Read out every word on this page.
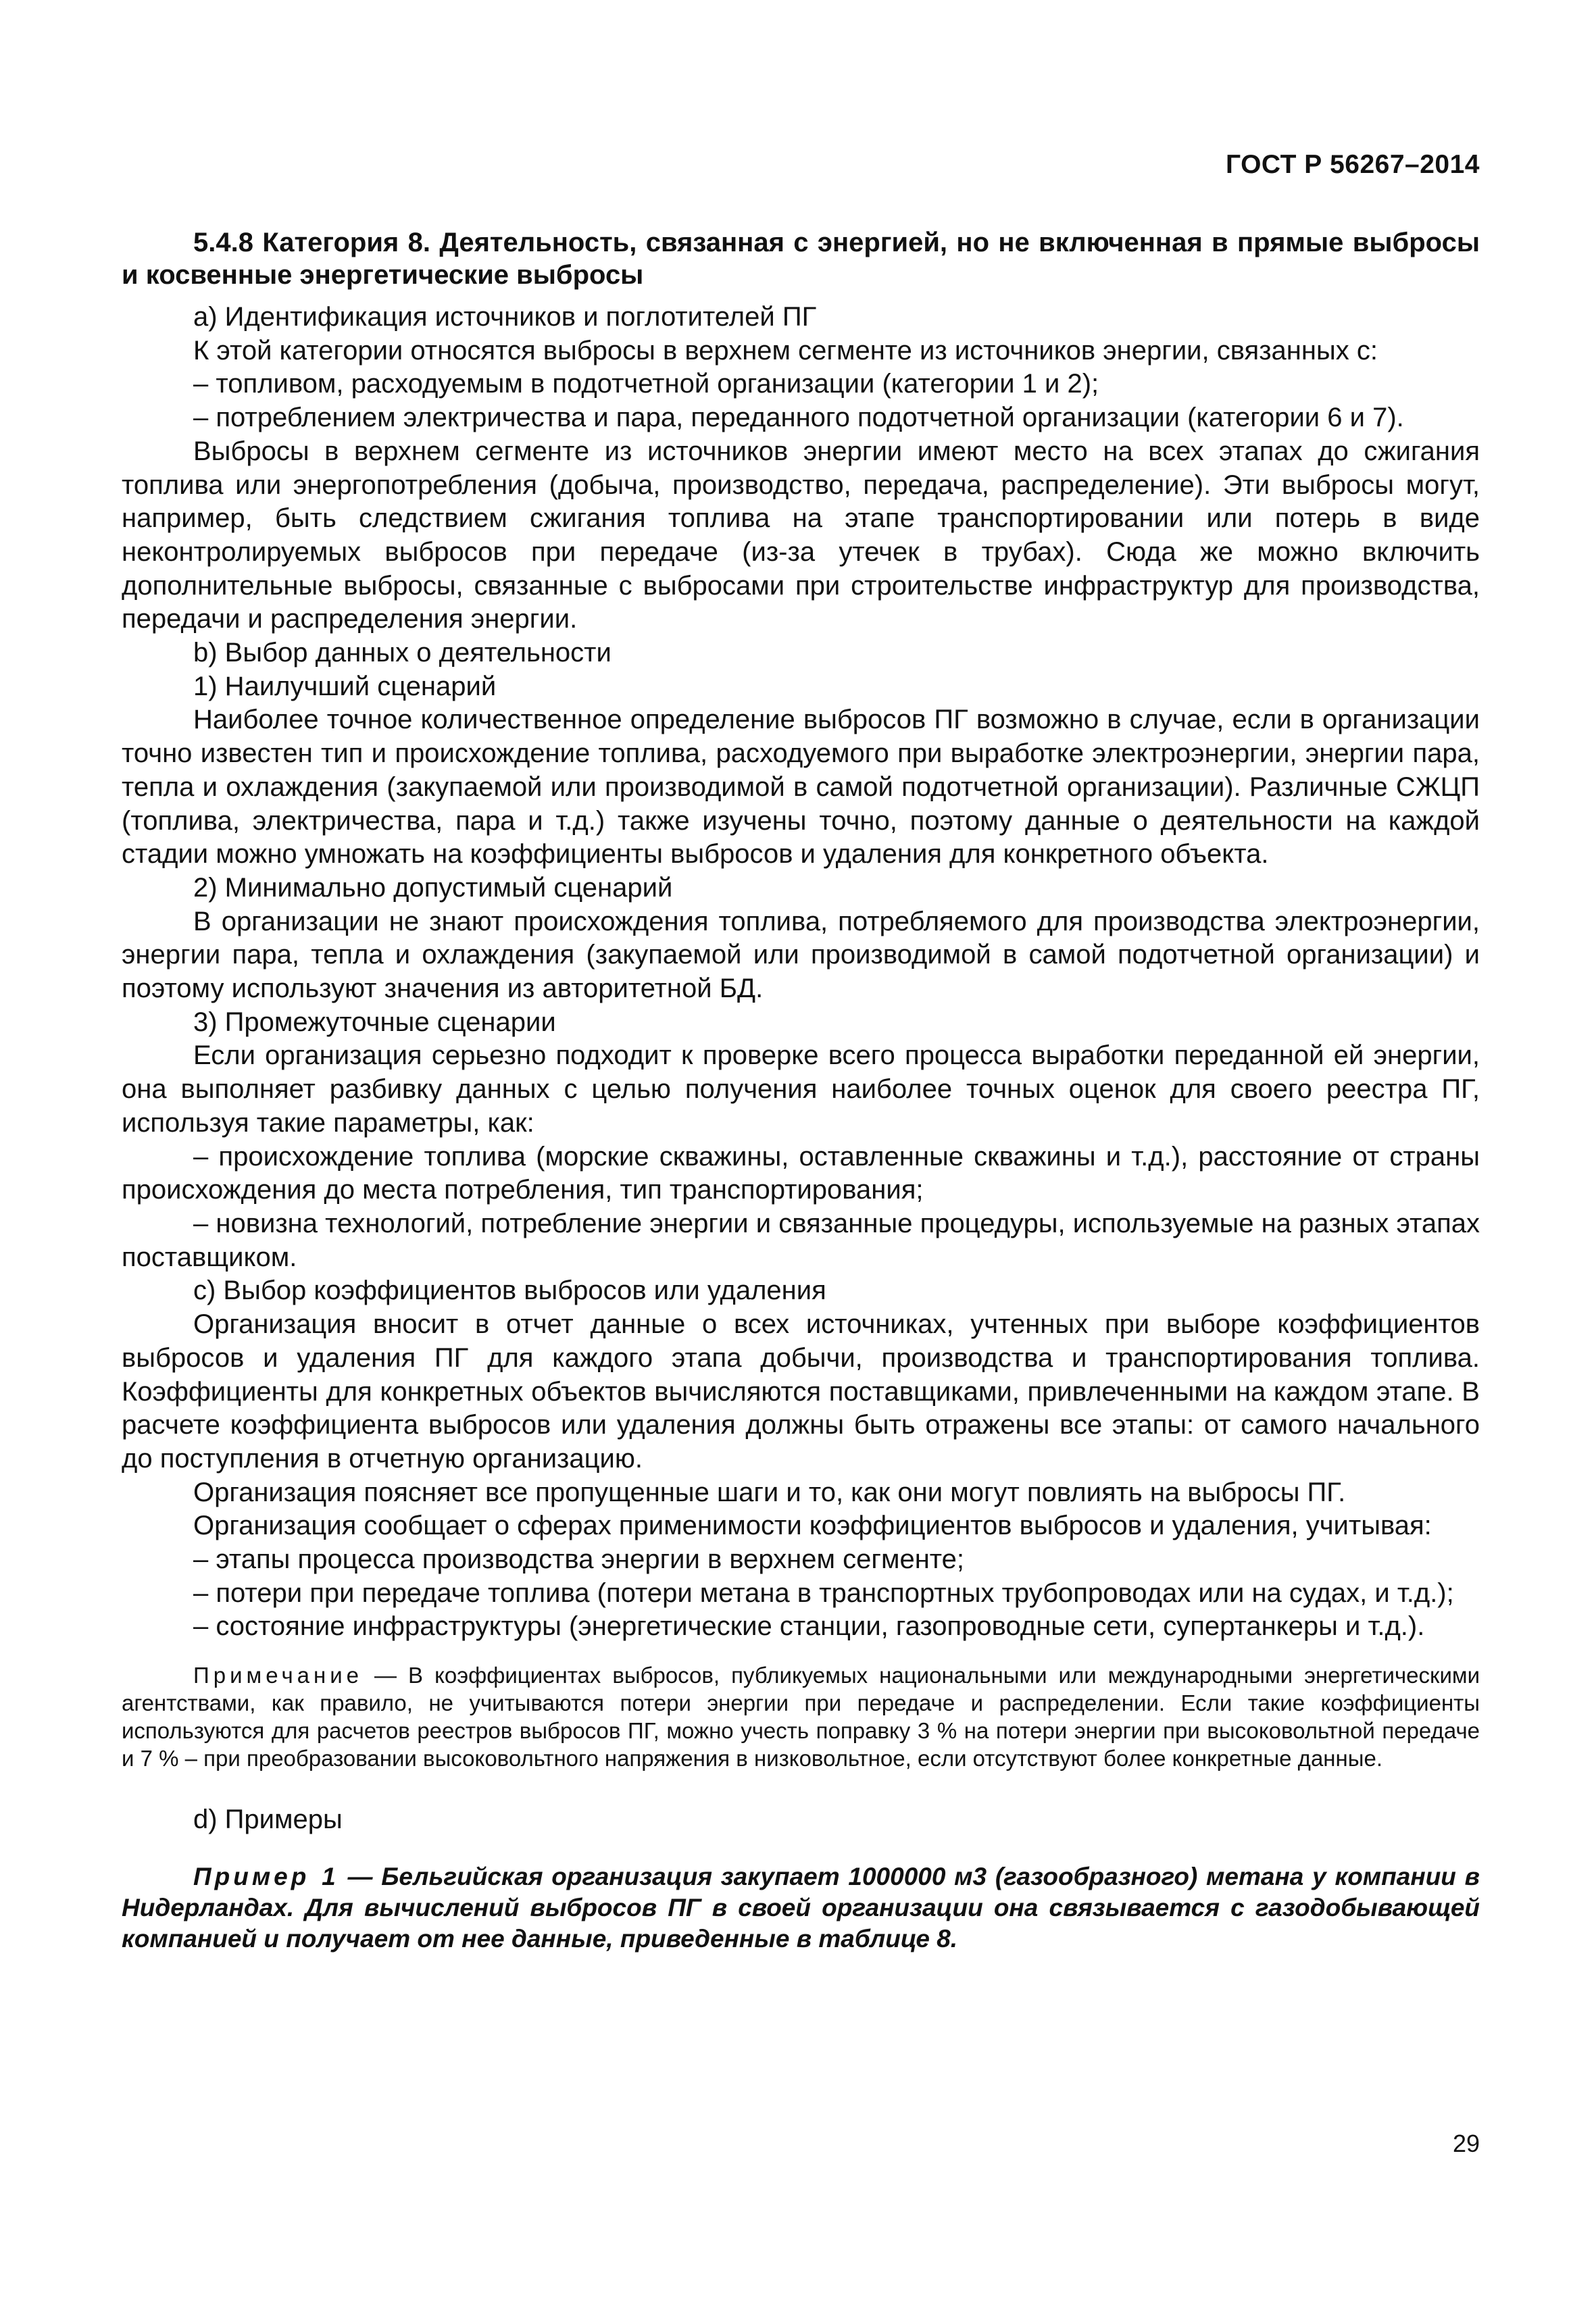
ГОСТ Р 56267–2014
5.4.8 Категория 8. Деятельность, связанная с энергией, но не включенная в прямые выбросы и косвенные энергетические выбросы

а) Идентификация источников и поглотителей ПГ

К этой категории относятся выбросы в верхнем сегменте из источников энергии, связанных с:

– топливом, расходуемым в подотчетной организации (категории 1 и 2);

– потреблением электричества и пара, переданного подотчетной организации (категории 6 и 7).

Выбросы в верхнем сегменте из источников энергии имеют место на всех этапах до сжигания топлива или энергопотребления (добыча, производство, передача, распределение). Эти выбросы могут, например, быть следствием сжигания топлива на этапе транспортировании или потерь в виде неконтролируемых выбросов при передаче (из-за утечек в трубах). Сюда же можно включить дополнительные выбросы, связанные с выбросами при строительстве инфраструктур для производства, передачи и распределения энергии.

b) Выбор данных о деятельности

1) Наилучший сценарий

Наиболее точное количественное определение выбросов ПГ возможно в случае, если в организации точно известен тип и происхождение топлива, расходуемого при выработке электроэнергии, энергии пара, тепла и охлаждения (закупаемой или производимой в самой подотчетной организации). Различные СЖЦП (топлива, электричества, пара и т.д.) также изучены точно, поэтому данные о деятельности на каждой стадии можно умножать на коэффициенты выбросов и удаления для конкретного объекта.

2) Минимально допустимый сценарий

В организации не знают происхождения топлива, потребляемого для производства электроэнергии, энергии пара, тепла и охлаждения (закупаемой или производимой в самой подотчетной организации) и поэтому используют значения из авторитетной БД.

3) Промежуточные сценарии

Если организация серьезно подходит к проверке всего процесса выработки переданной ей энергии, она выполняет разбивку данных с целью получения наиболее точных оценок для своего реестра ПГ, используя такие параметры, как:

– происхождение топлива (морские скважины, оставленные скважины и т.д.), расстояние от страны происхождения до места потребления, тип транспортирования;

– новизна технологий, потребление энергии и связанные процедуры, используемые на разных этапах поставщиком.

с) Выбор коэффициентов выбросов или удаления

Организация вносит в отчет данные о всех источниках, учтенных при выборе коэффициентов выбросов и удаления ПГ для каждого этапа добычи, производства и транспортирования топлива. Коэффициенты для конкретных объектов вычисляются поставщиками, привлеченными на каждом этапе. В расчете коэффициента выбросов или удаления должны быть отражены все этапы: от самого начального до поступления в отчетную организацию.

Организация поясняет все пропущенные шаги и то, как они могут повлиять на выбросы ПГ.

Организация сообщает о сферах применимости коэффициентов выбросов и удаления, учитывая:

– этапы процесса производства энергии в верхнем сегменте;

– потери при передаче топлива (потери метана в транспортных трубопроводах или на судах, и т.д.);

– состояние инфраструктуры (энергетические станции, газопроводные сети, супертанкеры и т.д.).

Примечание — В коэффициентах выбросов, публикуемых национальными или международными энергетическими агентствами, как правило, не учитываются потери энергии при передаче и распределении. Если такие коэффициенты используются для расчетов реестров выбросов ПГ, можно учесть поправку 3 % на потери энергии при высоковольтной передаче и 7 % – при преобразовании высоковольтного напряжения в низковольтное, если отсутствуют более конкретные данные.

d) Примеры

Пример 1 — Бельгийская организация закупает 1000000 м3 (газообразного) метана у компании в Нидерландах. Для вычислений выбросов ПГ в своей организации она связывается с газодобывающей компанией и получает от нее данные, приведенные в таблице 8.

29
